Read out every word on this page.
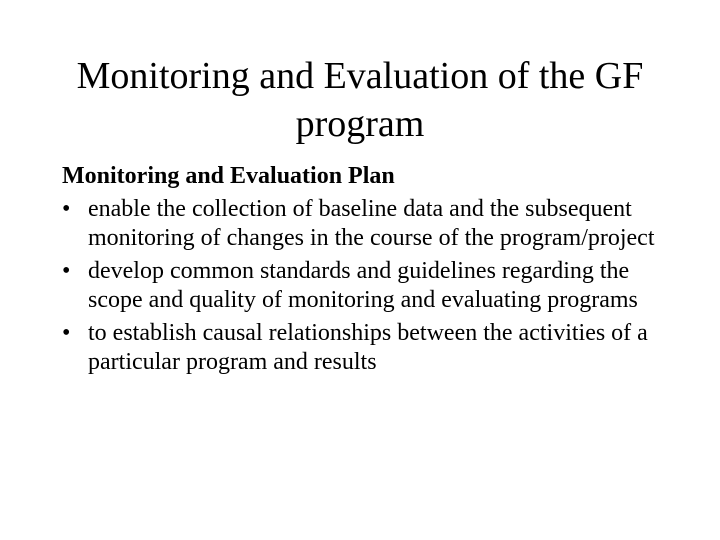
Monitoring and Evaluation of the GF
program
Monitoring and Evaluation Plan
• enable the collection of baseline data and the subsequent monitoring of changes in the course of the program/project
• develop common standards and guidelines regarding the scope and quality of monitoring and evaluating programs
• to establish causal relationships between the activities of a particular program and results
